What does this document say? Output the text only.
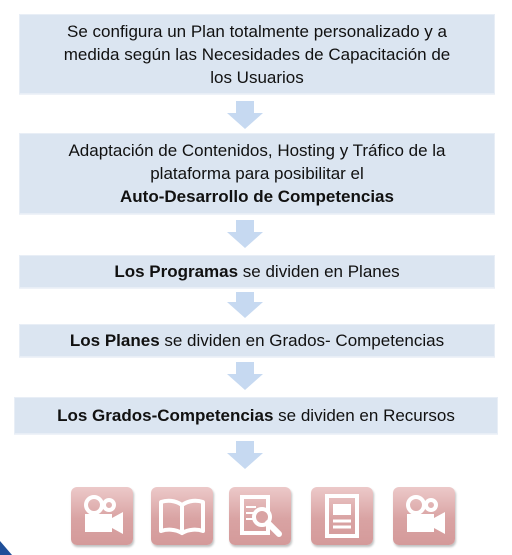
Se configura un Plan totalmente personalizado y a
medida según las Necesidades de Capacitación de
los Usuarios
Adaptación de Contenidos, Hosting y Tráfico de la
plataforma para posibilitar el
Auto-Desarrollo de Competencias
Los Programas se dividen en Planes
Los Planes se dividen en Grados- Competencias
Los Grados-Competencias se dividen en Recursos
